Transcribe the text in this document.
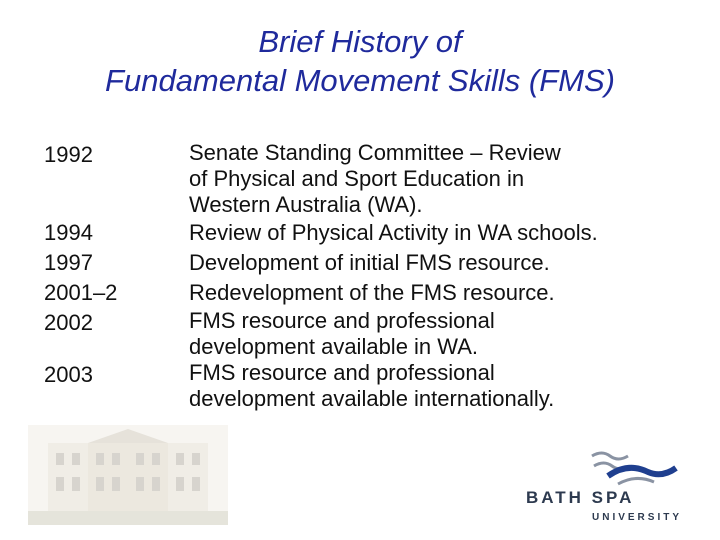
Brief History of
Fundamental Movement Skills (FMS)
1992	Senate Standing Committee – Review
of Physical and Sport Education in
Western Australia (WA).
1994	Review of Physical Activity in WA schools.
1997	Development of initial FMS resource.
2001–2	Redevelopment of the FMS resource.
2002	FMS resource and professional
development available in WA.
2003	FMS resource and professional
development available internationally.
BATH SPA
UNIVERSITY
